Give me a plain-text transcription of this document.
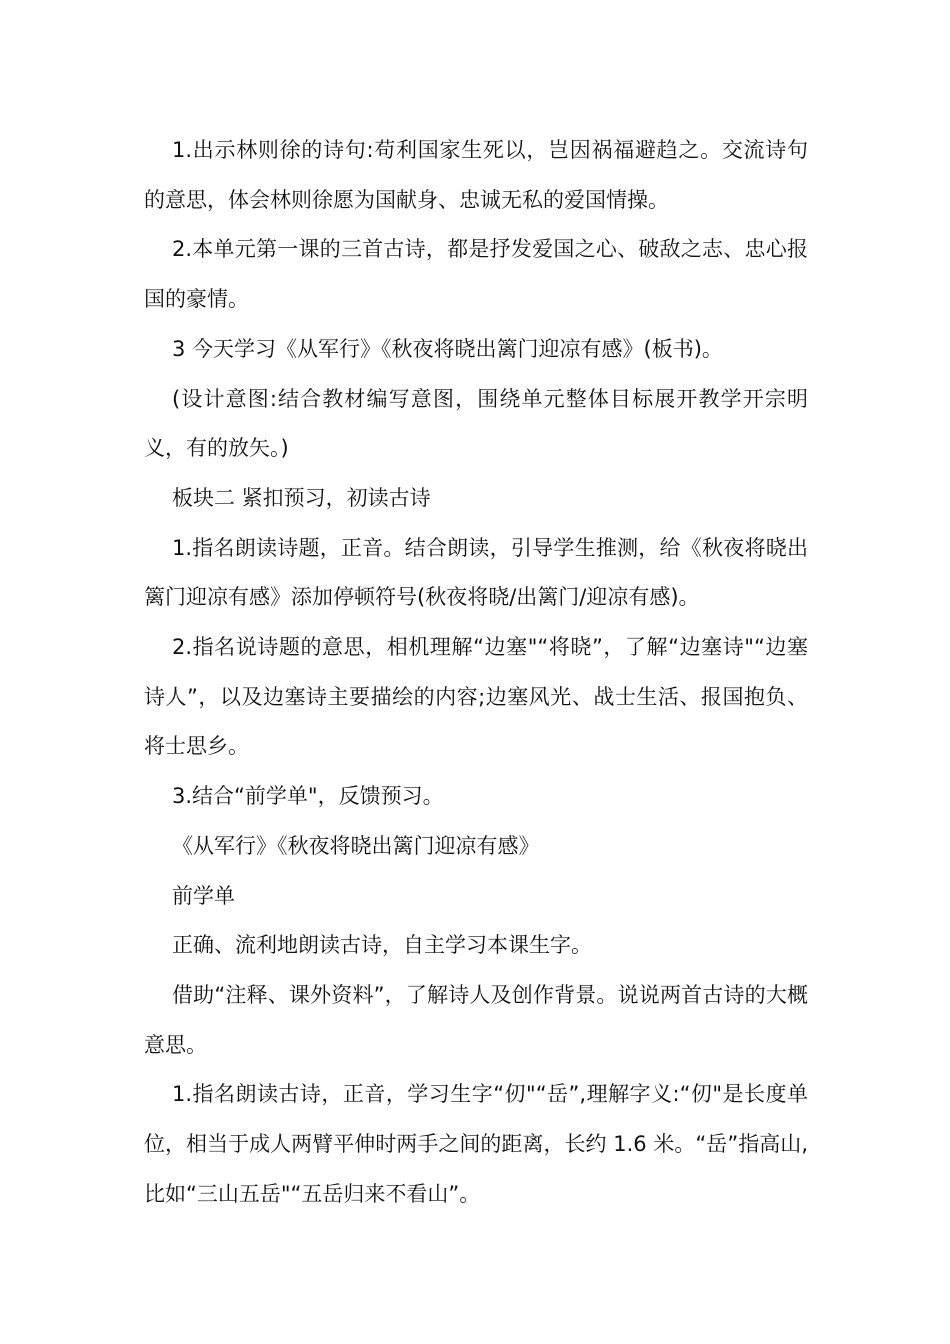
1.出示林则徐的诗句:苟利国家生死以，岂因祸福避趋之。交流诗句的意思，体会林则徐愿为国献身、忠诚无私的爱国情操。

2.本单元第一课的三首古诗，都是抒发爱国之心、破敌之志、忠心报国的豪情。

3 今天学习《从军行》《秋夜将晓出篱门迎凉有感》(板书)。

(设计意图:结合教材编写意图，围绕单元整体目标展开教学开宗明义，有的放矢。)

板块二 紧扣预习，初读古诗

1.指名朗读诗题，正音。结合朗读，引导学生推测，给《秋夜将晓出篱门迎凉有感》添加停顿符号(秋夜将晓/出篱门/迎凉有感)。

2.指名说诗题的意思，相机理解“边塞"“将晓”，了解“边塞诗"“边塞诗人”，以及边塞诗主要描绘的内容;边塞风光、战士生活、报国抱负、将士思乡。

3.结合“前学单"，反馈预习。

《从军行》《秋夜将晓出篱门迎凉有感》

前学单

正确、流利地朗读古诗，自主学习本课生字。

借助“注释、课外资料”，了解诗人及创作背景。说说两首古诗的大概意思。

1.指名朗读古诗，正音，学习生字“仞"“岳”,理解字义:“仞"是长度单位，相当于成人两臂平伸时两手之间的距离，长约 1.6 米。“岳”指高山,比如“三山五岳"“五岳归来不看山”。
